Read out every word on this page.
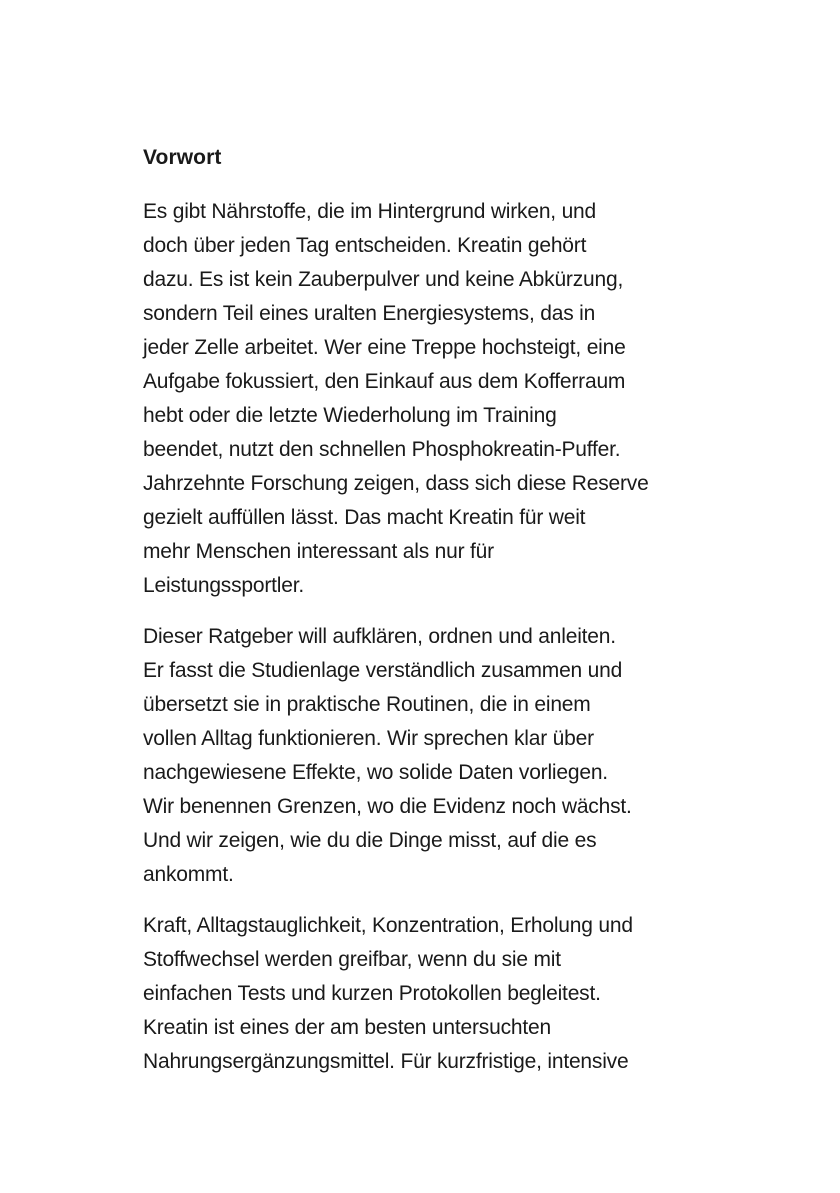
Vorwort
Es gibt Nährstoffe, die im Hintergrund wirken, und
doch über jeden Tag entscheiden. Kreatin gehört
dazu. Es ist kein Zauberpulver und keine Abkürzung,
sondern Teil eines uralten Energiesystems, das in
jeder Zelle arbeitet. Wer eine Treppe hochsteigt, eine
Aufgabe fokussiert, den Einkauf aus dem Kofferraum
hebt oder die letzte Wiederholung im Training
beendet, nutzt den schnellen Phosphokreatin-Puffer.
Jahrzehnte Forschung zeigen, dass sich diese Reserve
gezielt auffüllen lässt. Das macht Kreatin für weit
mehr Menschen interessant als nur für
Leistungssportler.
Dieser Ratgeber will aufklären, ordnen und anleiten.
Er fasst die Studienlage verständlich zusammen und
übersetzt sie in praktische Routinen, die in einem
vollen Alltag funktionieren. Wir sprechen klar über
nachgewiesene Effekte, wo solide Daten vorliegen.
Wir benennen Grenzen, wo die Evidenz noch wächst.
Und wir zeigen, wie du die Dinge misst, auf die es
ankommt.
Kraft, Alltagstauglichkeit, Konzentration, Erholung und
Stoffwechsel werden greifbar, wenn du sie mit
einfachen Tests und kurzen Protokollen begleitest.
Kreatin ist eines der am besten untersuchten
Nahrungsergänzungsmittel. Für kurzfristige, intensive
